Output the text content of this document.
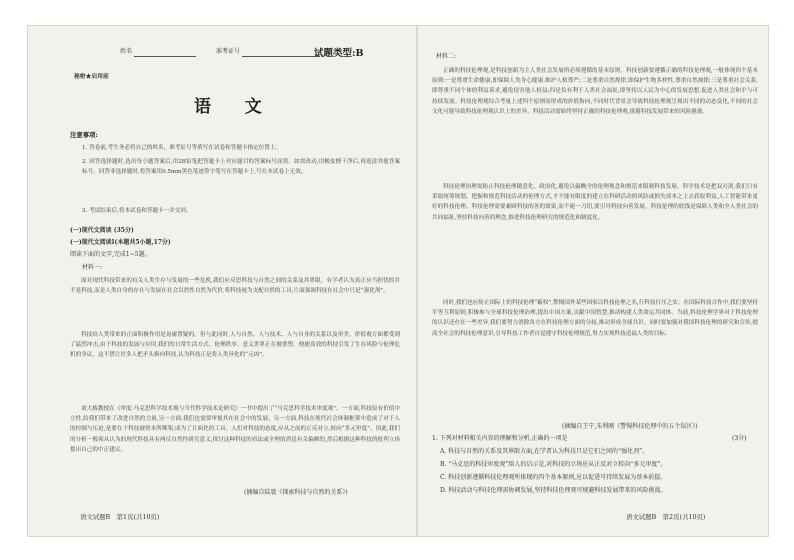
姓名	准考证号	试题类型:B
秘密★启用前
语    文
注意事项:
1. 答卷前,考生务必将自己的姓名、准考证号等填写在试卷和答题卡指定位置上。
2. 回答选择题时,选出每小题答案后,用2B铅笔把答题卡上对应题目的答案标号涂黑。如需改动,用橡皮擦干净后,再选涂其他答案标号。回答非选择题时,将答案用0.5mm黑色笔迹签字笔写在答题卡上,写在本试卷上无效。
3. 考试结束后,将本试卷和答题卡一并交回。
(一)现代文阅读 (35分)
(一)现代文阅读Ⅰ(本题共5小题,17分)
阅读下面的文字,完成1~5题。
材料一:
面对现代科技带来的有关人类生存与发展的一些危机,我们应反思科技与自然之间的关系及其界限。有学者认为真正应当担忧的并不是科技,而是人类自身的存在与发展在社会以然性自然为代价,将科技视为支配自然的工具,片面强调科技在社会中只是“强化剂”。
科技给人类带来的正面积极作用是毋庸置疑的。但与此同时,人与自然、人与技术、人与自身的关系以及审美、价值观方面都受到了猛烈冲击,由于科技的发展与应用,我们的日常生活方式、伦理秩序、意义世界正在被重塑。便捷高效的科技引发了生存风险与伦理危机的争议。这不禁让许多人把矛头指向科技,认为科技正是将人类异化的“元凶”。
刘大椿教授在《审度:马克思科学技术观与当代科学技术论研究》一书中提出了“马克思科学技术审度观”。一方面,科技原有价值中立性,给我们带来了改进自然的力量,另一方面,我们也需要审视其在社会中的发展。另一方面,科技在现代社会体制框架中造成了对于人的控制与压迫,是要在于科技被资本所绑架,成为了片面化的工具。人们对科技的态度,应从之前的正反对立,转向“多元审度”。因此,我们的分析一般须从认为的现代科技具有两反自然性研究意义,探讨这种科技的看法或全理的消息有关偏颇的,然后根据这种科技的批判立场提出自己的中正建议。
(摘编自陆寰《探索科技与自然的关系》)
语文试题B　第1页(共10页)
材料二:
正确的科技伦理观,是科技创新为主人类社会发展所必须遵循的基本原则。科技创新要遵循正确的科技伦理观,一般体现四个基本原则:一是尊重生命健康,即保障人类身心健康,维护人格尊严;二是尊重自然规律,即保护生物多样性,尊重自然规律;三是尊重社会关系,即尊重不同个体的利益诉求,避免侵害他人权益;四是负有利于人类社会福祉,即坚持以人民为中心的发展思想,促进人类社会和平与可持续发展。科技伦理观综合考量上述四个原则而形成的价值指向,不同时代背景会导致科技伦理观呈现出不同的动态变化,不同的社会文化可能导致科技伦理观认识上的差异。科技活动需始终坚持正确的科技伦理观,规避科技发展带来的风险挑战。
科技伦理治理需防止科技伦理随意化、政治化,避免以偏概全的伦理观念和规范来限制科技发展。科学技术是把双刃剑,我们只有采取统筹规划、把握和规范科技活动的伦理方式,才不能有限度的建立在科研活动的风险或损失成本之上去获取利益,人工智能带来更好的科技伦理。科技伦理需要兼顾科技的善的效果,而不能一刀切,要引导科技向善发展。科技伦理的底线是保障人类和全人类社会的共同福祉,坚持科技向善的理念,推进科技伦理研究的规范化和制度化。
同时,我们也应防止国际上的科技伦理“霸权”,警惕国外某些国家以科技伦理之名,行科技打压之实。在国际科技合作中,我们要坚持平等互利原则,积极参与全球科技伦理治理,提出中国方案,贡献中国智慧,推动构建人类命运共同体。当前,科技伦理学界对于科技伦理的认识还存在一些差异,我们要努力消除各方在科技伦理方面的分歧,推动形成全球共识。同时要加强对我国科技伦理的研究和宣传,提高全社会的科技伦理意识,引导科技工作者自觉遵守科技伦理规范,努力实现科技造福人类的目标。
(摘编自王宁,朱利刚《警惕科技伦理中的五个误区》)
1. 下列对材料相关内容的理解和分析,正确的一项是	(3分)
A. 科技与自然的关系及其界限方面,在学者认为科技只是它们之间的“强化剂”。
B. “马克思的科技审度观”给人的启示是,对科技的立场应从正反对立转向“多元审度”。
C. 科技创新遵循科技伦理观所体现的四个基本原则,应以促进可持续发展为基本前提。
D. 科技活动与科技伦理需协调发展,坚持科技伦理观可规避科技发展带来的风险挑战。
语文试题B　第2页(共10页)
